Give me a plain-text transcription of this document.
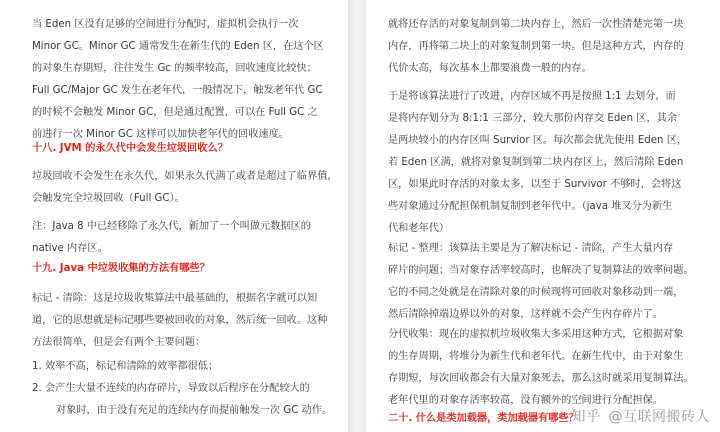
当 Eden 区没有足够的空间进行分配时，虚拟机会执行一次
Minor GC。Minor GC 通常发生在新生代的 Eden 区，在这个区
的对象生存期短，往往发生 Gc 的频率较高，回收速度比较快；
Full GC/Major GC 发生在老年代，一般情况下，触发老年代 GC
的时候不会触发 Minor GC，但是通过配置，可以在 Full GC 之
前进行一次 Minor GC 这样可以加快老年代的回收速度。
十八. JVM 的永久代中会发生垃圾回收么？
垃圾回收不会发生在永久代，如果永久代满了或者是超过了临界值，
会触发完全垃圾回收（Full GC）。
注：Java 8 中已经移除了永久代，新加了一个叫做元数据区的
native 内存区。
十九. Java 中垃圾收集的方法有哪些？
标记 - 清除：这是垃圾收集算法中最基础的，根据名字就可以知
道，它的思想就是标记哪些要被回收的对象，然后统一回收。这种
方法很简单，但是会有两个主要问题：
1. 效率不高，标记和清除的效率都很低；
2. 会产生大量不连续的内存碎片，导致以后程序在分配较大的
对象时，由于没有充足的连续内存而提前触发一次 GC 动作。
就将还存活的对象复制到第二块内存上，然后一次性清楚完第一块
内存，再将第二块上的对象复制到第一块。但是这种方式，内存的
代价太高，每次基本上都要浪费一般的内存。
于是将该算法进行了改进，内存区域不再是按照 1:1 去划分，而
是将内存划分为 8:1:1 三部分，较大那份内存交 Eden 区，其余
是两块较小的内存区叫 Survior 区。每次都会优先使用 Eden 区，
若 Eden 区满，就将对象复制到第二块内存区上，然后清除 Eden
区，如果此时存活的对象太多，以至于 Survivor 不够时，会将这
些对象通过分配担保机制复制到老年代中。（java 堆又分为新生
代和老年代）
标记 - 整理：该算法主要是为了解决标记 - 清除，产生大量内存
碎片的问题；当对象存活率较高时，也解决了复制算法的效率问题。
它的不同之处就是在清除对象的时候现将可回收对象移动到一端，
然后清除掉端边界以外的对象，这样就不会产生内存碎片了。
分代收集：现在的虚拟机垃圾收集大多采用这种方式，它根据对象
的生存周期，将堆分为新生代和老年代。在新生代中，由于对象生
存期短，每次回收都会有大量对象死去，那么这时就采用复制算法。
老年代里的对象存活率较高，没有额外的空间进行分配担保。
二十. 什么是类加载器，类加载器有哪些？
知乎 @互联网搬砖人
